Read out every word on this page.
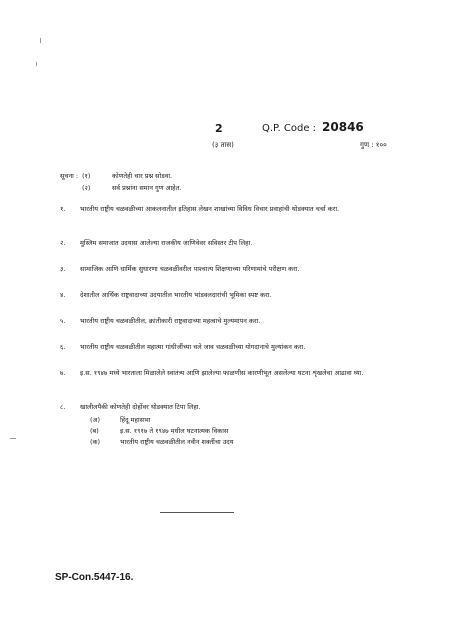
2	Q.P. Code : 20846
(३ तास)	गुण : १००
सूचना : (१)	कोणतेही चार प्रश्न सोडवा.
(२)	सर्व प्रश्नांना समान गुण आहेत.
१.	भारतीय राष्ट्रीय चळवळीच्या आकलनातील इतिहास लेखन शाखांच्या विविध विचार प्रवाहांची थोडक्यात चर्चा करा.
२.	मुस्लिम समाजात उदयास आलेल्या राजकीय जाणिवेवर सविस्तर टीप लिहा.
३.	सामाजिक आणि धार्मिक सुधारणा चळवळींवरील पाश्चात्य शिक्षणाच्या परिणामांचे परीक्षण करा.
४.	देशातील आर्थिक राष्ट्रवादाच्या उदयातील भारतीय भांडवलदारांची भूमिका स्पष्ट करा.
५.	भारतीय राष्ट्रीय चळवळीतील, क्रांतीकारी राष्ट्रवादाच्या महत्वाचे मुल्यमापन करा.
६.	भारतीय राष्ट्रीय चळवळीतील महात्मा गांधीजींच्या चले जाव चळवळीच्या योगदानाचे मुल्यांकन करा.
७.	इ.स. १९४७ मध्ये भारताला मिळालेले स्वातंत्र्य आणि झालेल्या फाळणीस कारणीभूत असलेल्या घटना शृंखलेचा आढावा घ्या.
८.	खालीलपैकी कोणतेही दोहोंवर थोडक्यात टिपा लिहा.
(अ)	हिंदू महासभा
(ब)	इ.स. १९१७ ते १९४७ मधील घटनात्मक विकास
(क)	भारतीय राष्ट्रीय चळवळीतील नवीन शक्तींचा उदय
SP-Con.5447-16.
